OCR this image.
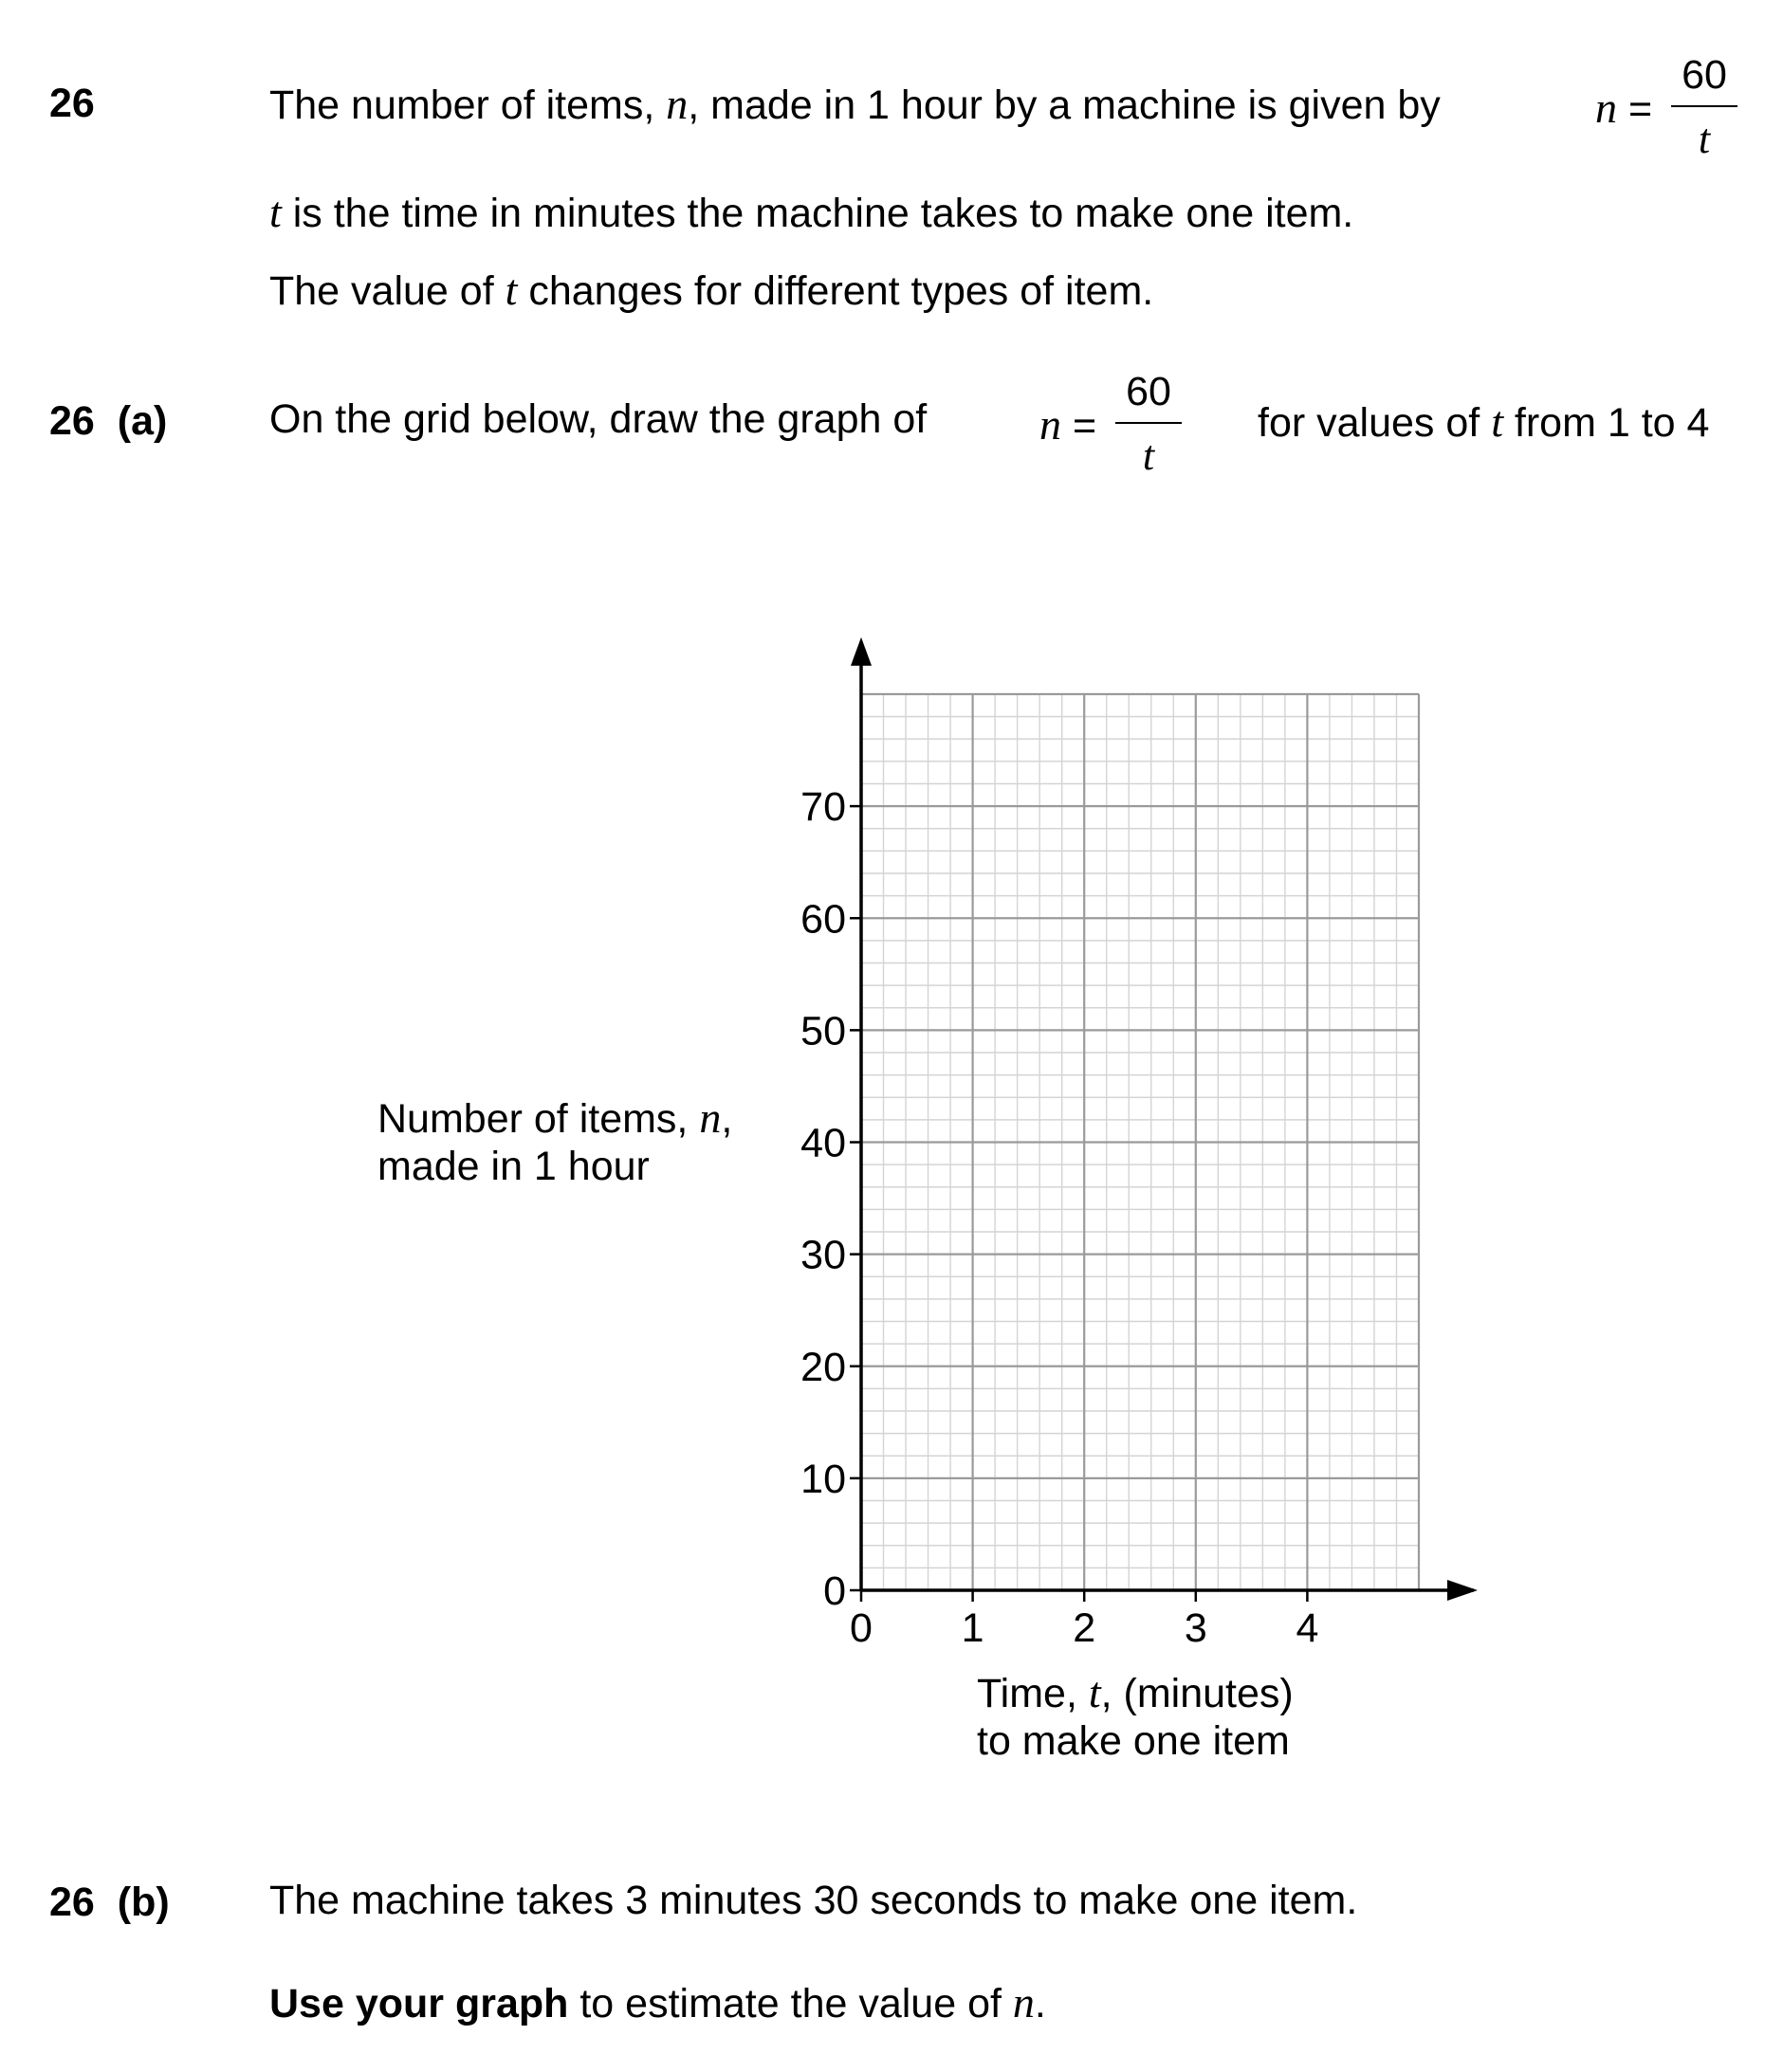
26	The number of items, n, made in 1 hour by a machine is given by	n =
60
t
t is the time in minutes the machine takes to make one item.
The value of t changes for different types of item.
26 (a)	On the grid below, draw the graph of	n =
60
t
for values of t from 1 to 4
0
10
20
30
40
50
60
70
0 1 2 3 4
Number of items, n,
made in 1 hour
Time, t, (minutes)
to make one item
26 (b) The machine takes 3 minutes 30 seconds to make one item.
Use your graph to estimate the value of n.
